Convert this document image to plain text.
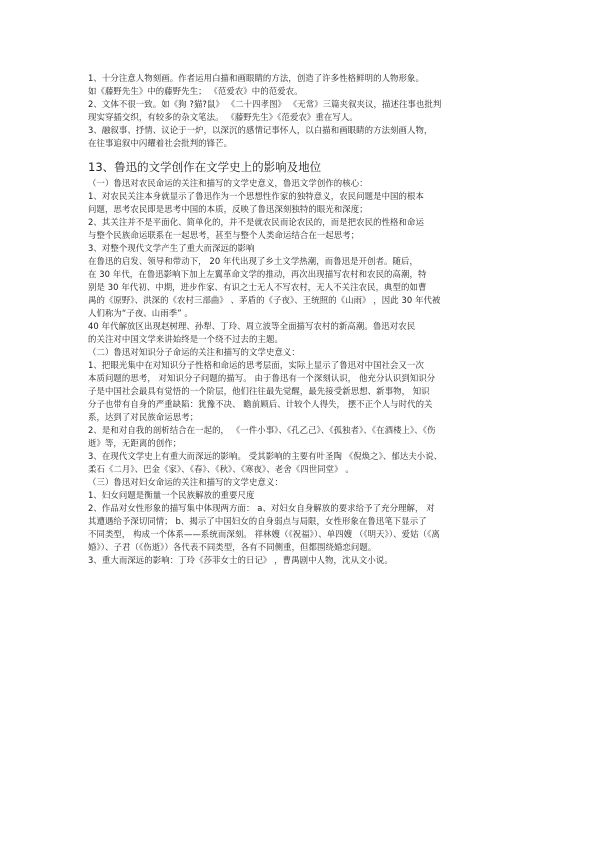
1、十分注意人物刻画。作者运用白描和画眼睛的方法，创造了许多性格鲜明的人物形象。
如《藤野先生》中的藤野先生； 《范爱农》中的范爱农。
2、文体不很一致。如《狗 ?猫?鼠》 《二十四孝图》 《无常》三篇夹叙夹议，描述往事也批判
现实穿插交织，有较多的杂文笔法。 《藤野先生》《范爱农》重在写人。
3、融叙事、抒情、议论于一炉，以深沉的感情记事怀人，以白描和画眼睛的方法刻画人物，
在往事追叙中闪耀着社会批判的锋芒。
13、鲁迅的文学创作在文学史上的影响及地位
（一）鲁迅对农民命运的关注和描写的文学史意义，鲁迅文学创作的核心：
1、对农民关注本身就显示了鲁迅作为一个思想性作家的独特意义，农民问题是中国的根本
问题，思考农民即是思考中国的本质，反映了鲁迅深刻独特的眼光和深度；
2、其关注并不是平面化、简单化的，并不是就农民而论农民的，而是把农民的性格和命运
与整个民族命运联系在一起思考，甚至与整个人类命运结合在一起思考；
3、对整个现代文学产生了重大而深远的影响
在鲁迅的启发、领导和带动下， 20 年代出现了乡土文学热潮，而鲁迅是开创者。随后，
在 30 年代，在鲁迅影响下加上左翼革命文学的推动，再次出现描写农村和农民的高潮，特
别是 30 年代初、中期，进步作家、有识之士无人不写农村，无人不关注农民，典型的如曹
禺的《原野》、洪深的《农村三部曲》 、茅盾的《子夜》、王统照的《山雨》 ，因此 30 年代被
人们称为“子夜、山雨季” 。
40 年代解放区出现赵树理、孙犁、丁玲、周立波等全面描写农村的新高潮。鲁迅对农民
的关注对中国文学来讲始终是一个绕不过去的主题。
（二）鲁迅对知识分子命运的关注和描写的文学史意义：
1、把眼光集中在对知识分子性格和命运的思考层面，实际上显示了鲁迅对中国社会又一次
本质问题的思考， 对知识分子问题的描写。 由于鲁迅有一个深刻认识， 他充分认识到知识分
子是中国社会最具有觉悟的一个阶层，他们往往最先觉醒，最先接受新思想、新事物， 知识
分子也带有自身的严重缺陷：犹豫不决、 瞻前顾后、计较个人得失， 摆不正个人与时代的关
系，达到了对民族命运思考；
2、是和对自我的剖析结合在一起的， 《一件小事》、《孔乙己》、《孤独者》、《在酒楼上》、《伤
逝》等，无距离的创作；
3、在现代文学史上有重大而深远的影响。 受其影响的主要有叶圣陶 《倪焕之》、郁达夫小说、
柔石《二月》、巴金《家》、《春》、《秋》、《寒夜》、老舍《四世同堂》 。
（三）鲁迅对妇女命运的关注和描写的文学史意义：
1、妇女问题是衡量一个民族解放的重要尺度
2、作品对女性形象的描写集中体现两方面： a、对妇女自身解放的要求给予了充分理解， 对
其遭遇给予深切同情； b、揭示了中国妇女的自身弱点与局限，女性形象在鲁迅笔下显示了
不同类型， 构成一个体系——系统而深刻。 祥林嫂（《祝福》）、单四嫂 （《明天》）、爱姑（《离
婚》）、子君（《伤逝》）各代表不同类型，各有不同侧重，但都围绕婚恋问题。
3、重大而深远的影响：丁玲《莎菲女士的日记》 ，曹禺剧中人物，沈从文小说。
